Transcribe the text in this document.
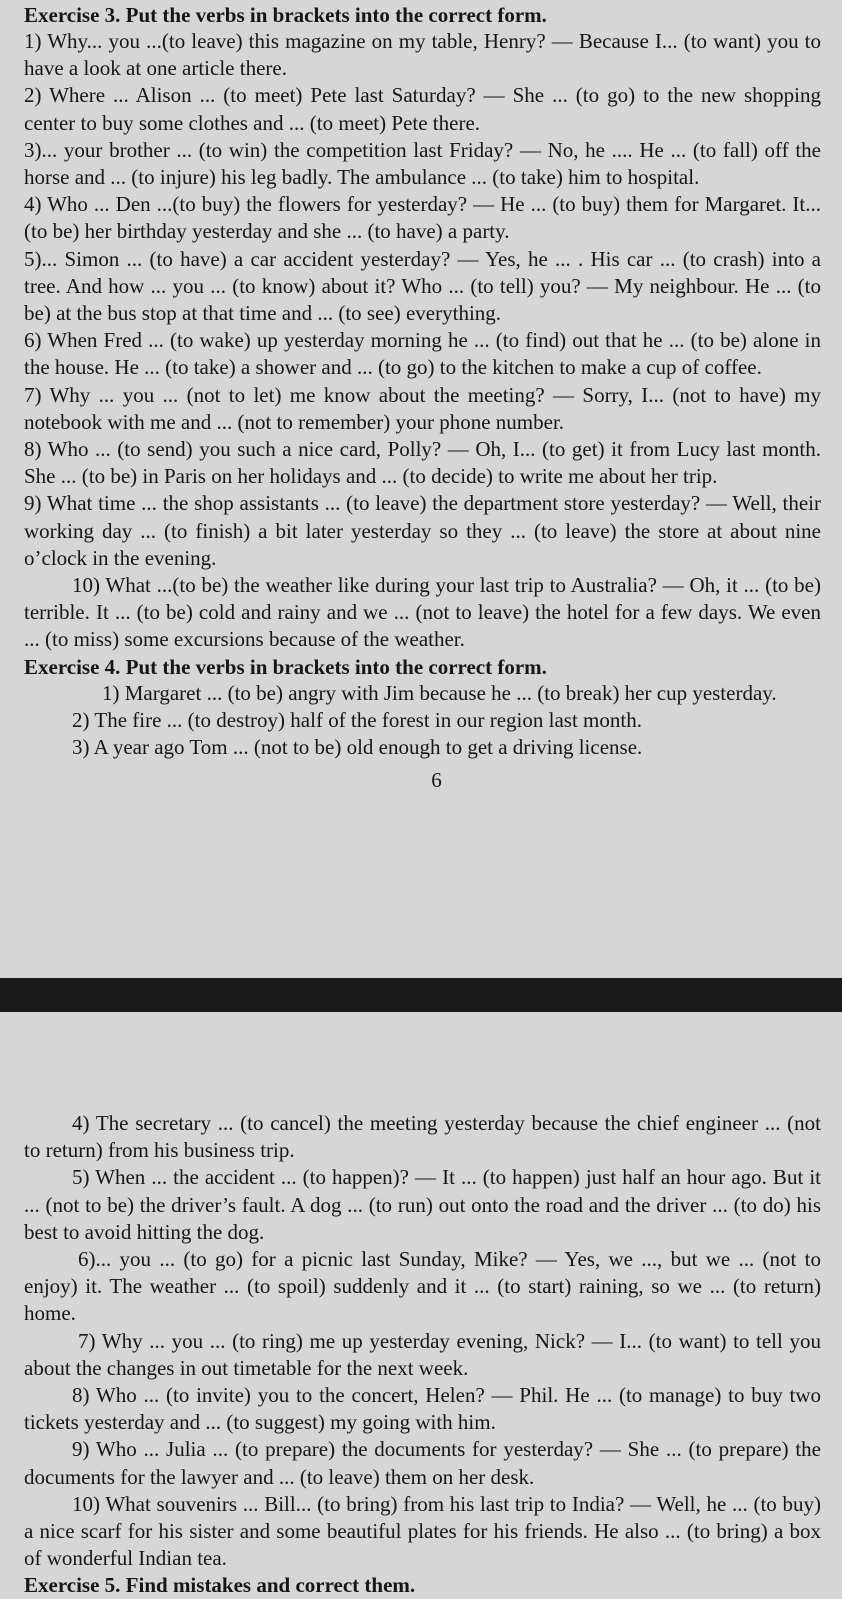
Exercise 3. Put the verbs in brackets into the correct form.

1) Why... you ...(to leave) this magazine on my table, Henry? — Because I... (to want) you to have a look at one article there.

2) Where ... Alison ... (to meet) Pete last Saturday? — She ... (to go) to the new shopping center to buy some clothes and ... (to meet) Pete there.

3)... your brother ... (to win) the competition last Friday? — No, he .... He ... (to fall) off the horse and ... (to injure) his leg badly. The ambulance ... (to take) him to hospital.

4) Who ... Den ...(to buy) the flowers for yesterday? — He ... (to buy) them for Margaret. It... (to be) her birthday yesterday and she ... (to have) a party.

5)... Simon ... (to have) a car accident yesterday? — Yes, he ... . His car ... (to crash) into a tree. And how ... you ... (to know) about it? Who ... (to tell) you? — My neighbour. He ... (to be) at the bus stop at that time and ... (to see) everything.

6) When Fred ... (to wake) up yesterday morning he ... (to find) out that he ... (to be) alone in the house. He ... (to take) a shower and ... (to go) to the kitchen to make a cup of coffee.

7) Why ... you ... (not to let) me know about the meeting? — Sorry, I... (not to have) my notebook with me and ... (not to remember) your phone number.

8) Who ... (to send) you such a nice card, Polly? — Oh, I... (to get) it from Lucy last month. She ... (to be) in Paris on her holidays and ... (to decide) to write me about her trip.

9) What time ... the shop assistants ... (to leave) the department store yesterday? — Well, their working day ... (to finish) a bit later yesterday so they ... (to leave) the store at about nine o’clock in the evening.

10) What ...(to be) the weather like during your last trip to Australia? — Oh, it ... (to be) terrible. It ... (to be) cold and rainy and we ... (not to leave) the hotel for a few days. We even ... (to miss) some excursions because of the weather.

Exercise 4. Put the verbs in brackets into the correct form.

1) Margaret ... (to be) angry with Jim because he ... (to break) her cup yesterday.

2) The fire ... (to destroy) half of the forest in our region last month.

3) A year ago Tom ... (not to be) old enough to get a driving license.

6

4) The secretary ... (to cancel) the meeting yesterday because the chief engineer ... (not to return) from his business trip.

5) When ... the accident ... (to happen)? — It ... (to happen) just half an hour ago. But it ... (not to be) the driver’s fault. A dog ... (to run) out onto the road and the driver ... (to do) his best to avoid hitting the dog.

6)... you ... (to go) for a picnic last Sunday, Mike? — Yes, we ..., but we ... (not to enjoy) it. The weather ... (to spoil) suddenly and it ... (to start) raining, so we ... (to return) home.

7) Why ... you ... (to ring) me up yesterday evening, Nick? — I... (to want) to tell you about the changes in out timetable for the next week.

8) Who ... (to invite) you to the concert, Helen? — Phil. He ... (to manage) to buy two tickets yesterday and ... (to suggest) my going with him.

9) Who ... Julia ... (to prepare) the documents for yesterday? — She ... (to prepare) the documents for the lawyer and ... (to leave) them on her desk.

10) What souvenirs ... Bill... (to bring) from his last trip to India? — Well, he ... (to buy) a nice scarf for his sister and some beautiful plates for his friends. He also ... (to bring) a box of wonderful Indian tea.

Exercise 5. Find mistakes and correct them.
